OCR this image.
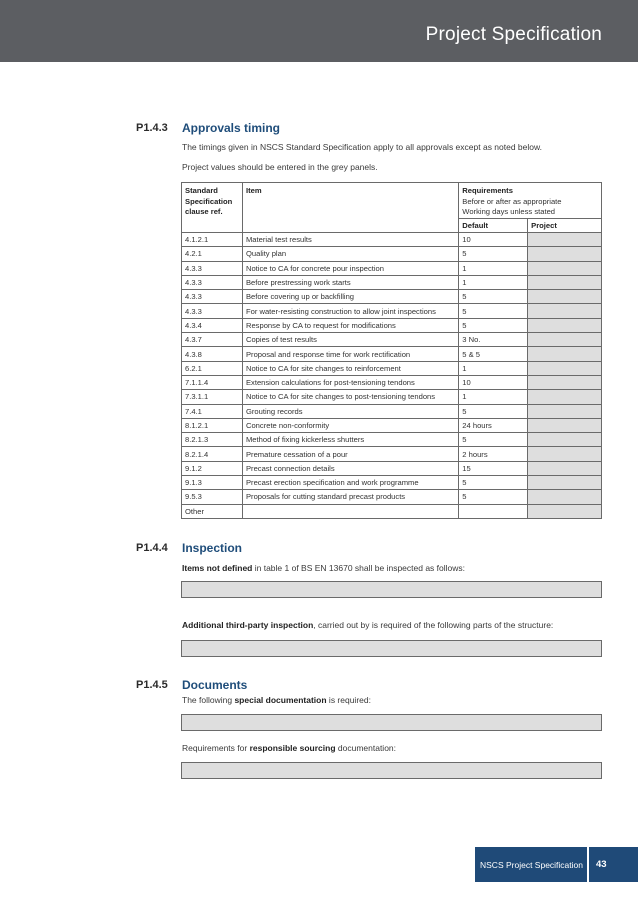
Project Specification
P1.4.3 Approvals timing
The timings given in NSCS Standard Specification apply to all approvals except as noted below.
Project values should be entered in the grey panels.
Standard
Specification
clause ref.	Item	Requirements
Before or after as appropriate
Working days unless stated	
		Default	Project
4.1.2.1	Material test results	10	
4.2.1	Quality plan	5	
4.3.3	Notice to CA for concrete pour inspection	1	
4.3.3	Before prestressing work starts	1	
4.3.3	Before covering up or backfilling	5	
4.3.3	For water-resisting construction to allow joint inspections	5	
4.3.4	Response by CA to request for modifications	5	
4.3.7	Copies of test results	3 No.	
4.3.8	Proposal and response time for work rectification	5 & 5	
6.2.1	Notice to CA for site changes to reinforcement	1	
7.1.1.4	Extension calculations for post-tensioning tendons	10	
7.3.1.1	Notice to CA for site changes to post-tensioning tendons	1	
7.4.1	Grouting records	5	
8.1.2.1	Concrete non-conformity	24 hours	
8.2.1.3	Method of fixing kickerless shutters	5	
8.2.1.4	Premature cessation of a pour	2 hours	
9.1.2	Precast connection details	15	
9.1.3	Precast erection specification and work programme	5	
9.5.3	Proposals for cutting standard precast products	5	
Other			
P1.4.4 Inspection
Items not defined in table 1 of BS EN 13670 shall be inspected as follows:
Additional third-party inspection, carried out by is required of the following parts of the structure:
P1.4.5 Documents
The following special documentation is required:
Requirements for responsible sourcing documentation:
NSCS Project Specification 43
